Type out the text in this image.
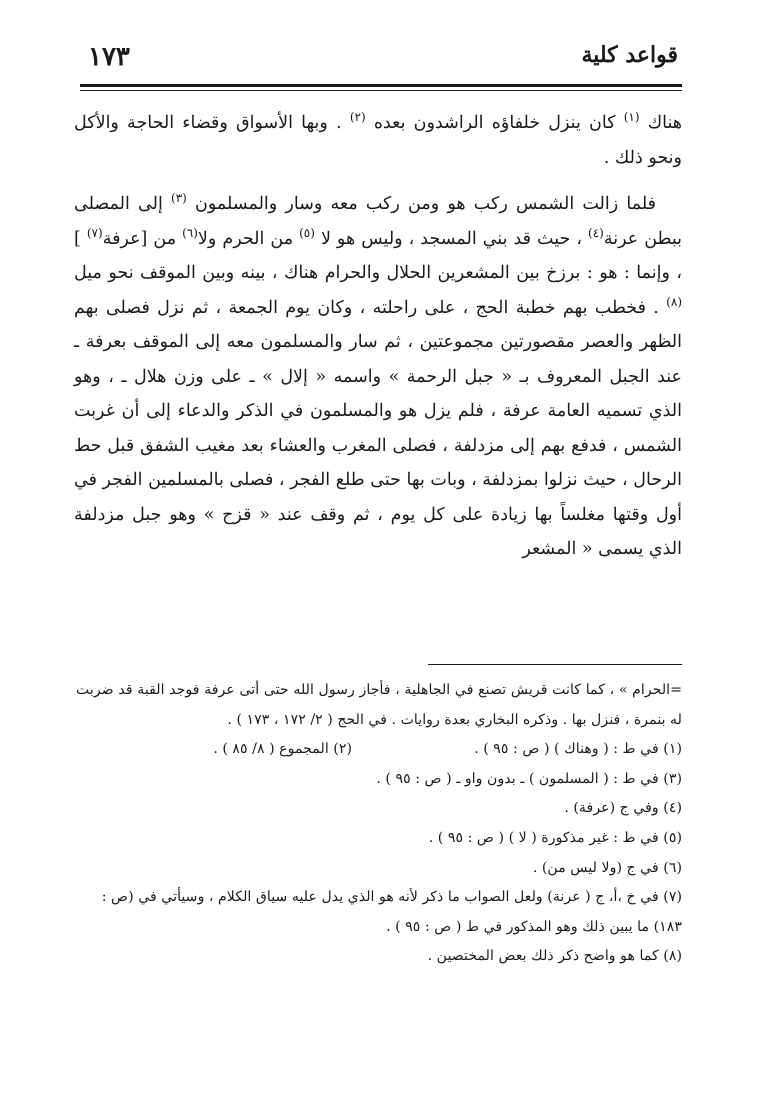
١٧٣	قواعد كلية

هناك $^{(١)}$ كان ينزل خلفاؤه الراشدون بعده $^{(٢)}$ . وبها الأسواق وقضاء الحاجة والأكل ونحو ذلك .

فلما زالت الشمس ركب هو ومن ركب معه وسار والمسلمون $^{(٣)}$ إلى المصلى ببطن عرنة$^{(٤)}$ ، حيث قد بني المسجد ، وليس هو لا $^{(٥)}$ من الحرم ولا$^{(٦)}$ من [عرفة$^{(٧)}$ ] ، وإنما : هو : برزخ بين المشعرين الحلال والحرام هناك ، بينه وبين الموقف نحو ميل $^{(٨)}$ . فخطب بهم خطبة الحج ، على راحلته ، وكان يوم الجمعة ، ثم نزل فصلى بهم الظهر والعصر مقصورتين مجموعتين ، ثم سار والمسلمون معه إلى الموقف بعرفة ـ عند الجبل المعروف بـ « جبل الرحمة » واسمه « إلال » ـ على وزن هلال ـ ، وهو الذي تسميه العامة عرفة ، فلم يزل هو والمسلمون في الذكر والدعاء إلى أن غربت الشمس ، فدفع بهم إلى مزدلفة ، فصلى المغرب والعشاء بعد مغيب الشفق قبل حط الرحال ، حيث نزلوا بمزدلفة ، وبات بها حتى طلع الفجر ، فصلى بالمسلمين الفجر في أول وقتها مغلساً بها زيادة على كل يوم ، ثم وقف عند « قزح » وهو جبل مزدلفة الذي يسمى « المشعر

=الحرام » ، كما كانت قريش تصنع في الجاهلية ، فأجاز رسول الله حتى أتى عرفة فوجد القبة قد ضربت له بنمرة ، فنزل بها . وذكره البخاري بعدة روايات . في الحج ( ٢/ ١٧٢ ، ١٧٣ ) .

(١) في ط : ( وهناك ) ( ص : ٩٥ ) .

(٢) المجموع ( ٨/ ٨٥ ) .

(٣) في ط : ( المسلمون ) ـ بدون واو ـ ( ص : ٩٥ ) .

(٤) وفي ج (عرفة) .

(٥) في ط : غير مذكورة ( لا ) ( ص : ٩٥ ) .

(٦) في ج (ولا ليس من) .

(٧) في خ ،أ، ج ( عرنة) ولعل الصواب ما ذكر لأنه هو الذي يدل عليه سياق الكلام ، وسيأتي في (ص : ١٨٣) ما يبين ذلك وهو المذكور في ط ( ص : ٩٥ ) .

(٨) كما هو واضح ذكر ذلك بعض المختصين .
